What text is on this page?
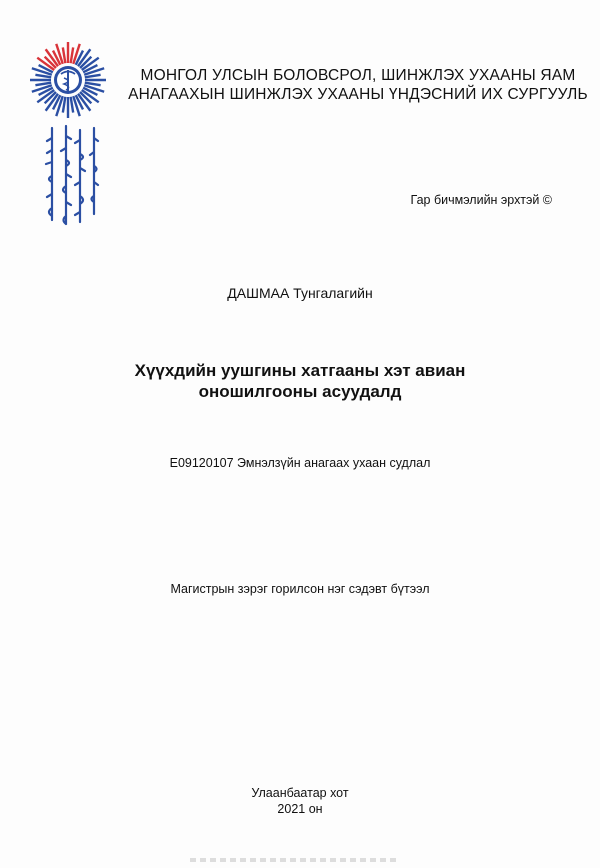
МОНГОЛ УЛСЫН БОЛОВСРОЛ, ШИНЖЛЭХ УХААНЫ ЯАМ
АНАГААХЫН ШИНЖЛЭХ УХААНЫ ҮНДЭСНИЙ ИХ СУРГУУЛЬ
Гар бичмэлийн эрхтэй ©
ДАШМАА Тунгалагийн
Хүүхдийн уушгины хатгааны хэт авиан
оношилгооны асуудалд
E09120107 Эмнэлзүйн анагаах ухаан судлал
Магистрын зэрэг горилсон нэг сэдэвт бүтээл
Улаанбаатар хот
2021 он
